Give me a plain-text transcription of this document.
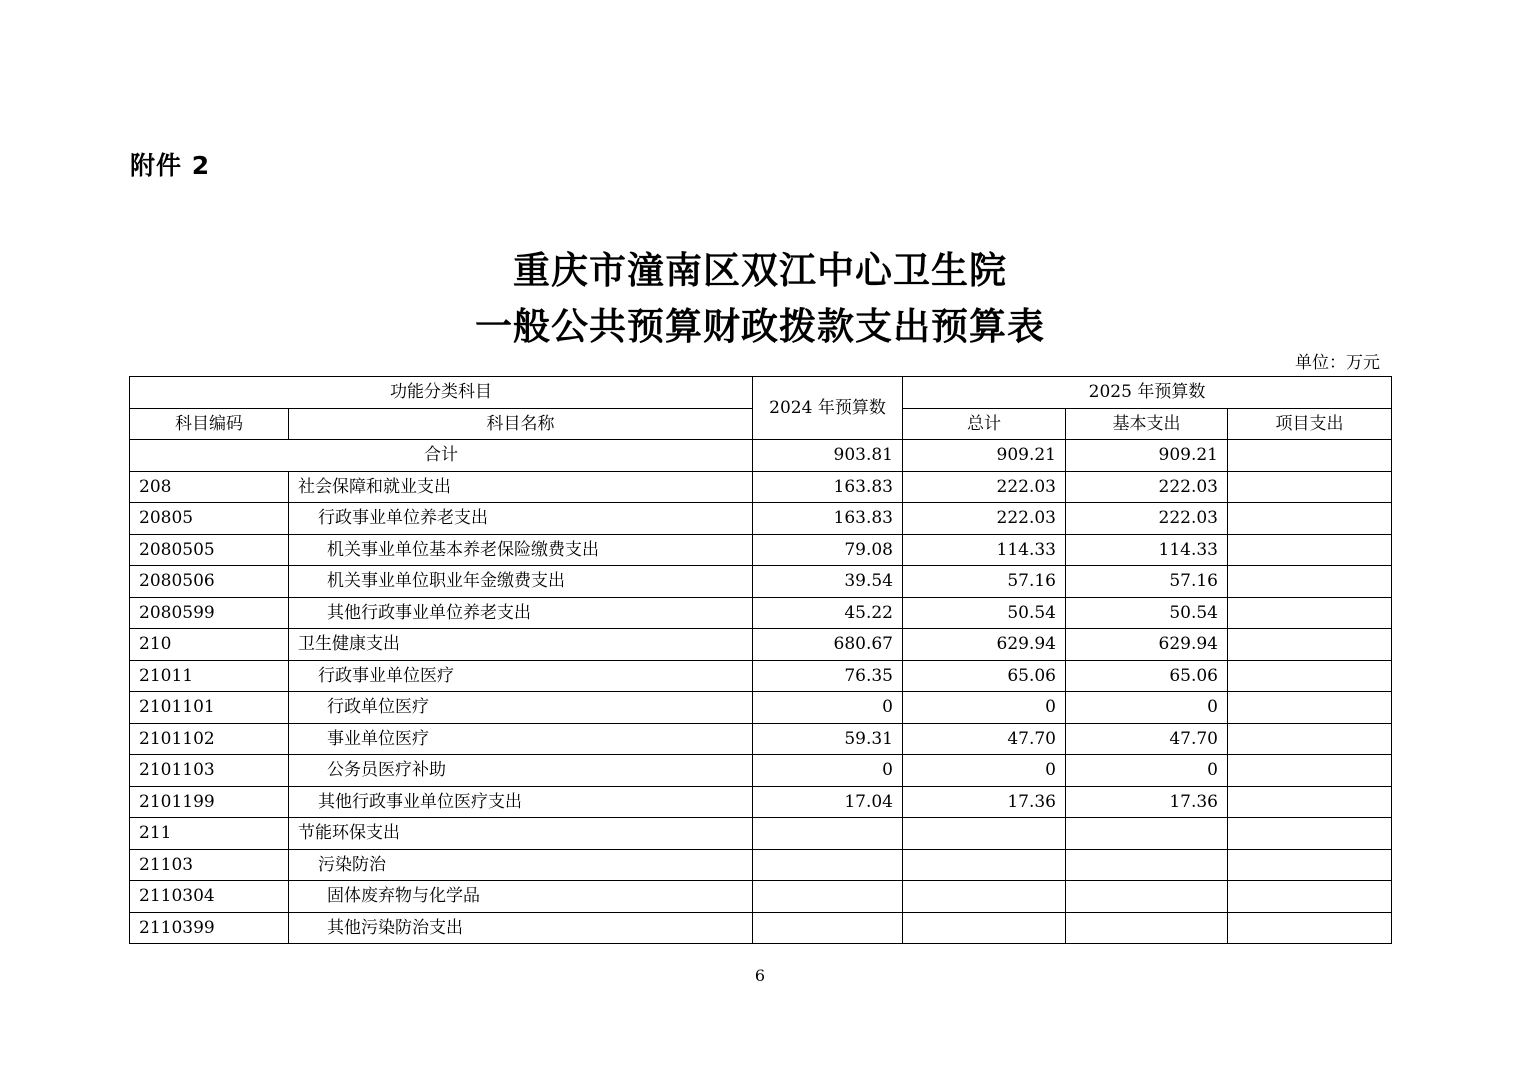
附件 2
重庆市潼南区双江中心卫生院
一般公共预算财政拨款支出预算表
单位：万元
功能分类科目		2024 年预算数	2025 年预算数		
科目编码	科目名称		总计	基本支出	项目支出
合计		903.81	909.21	909.21	
208	社会保障和就业支出	163.83	222.03	222.03	
20805	行政事业单位养老支出	163.83	222.03	222.03	
2080505	机关事业单位基本养老保险缴费支出	79.08	114.33	114.33	
2080506	机关事业单位职业年金缴费支出	39.54	57.16	57.16	
2080599	其他行政事业单位养老支出	45.22	50.54	50.54	
210	卫生健康支出	680.67	629.94	629.94	
21011	行政事业单位医疗	76.35	65.06	65.06	
2101101	行政单位医疗	0	0	0	
2101102	事业单位医疗	59.31	47.70	47.70	
2101103	公务员医疗补助	0	0	0	
2101199	其他行政事业单位医疗支出	17.04	17.36	17.36	
211	节能环保支出				
21103	污染防治				
2110304	固体废弃物与化学品				
2110399	其他污染防治支出				
6
